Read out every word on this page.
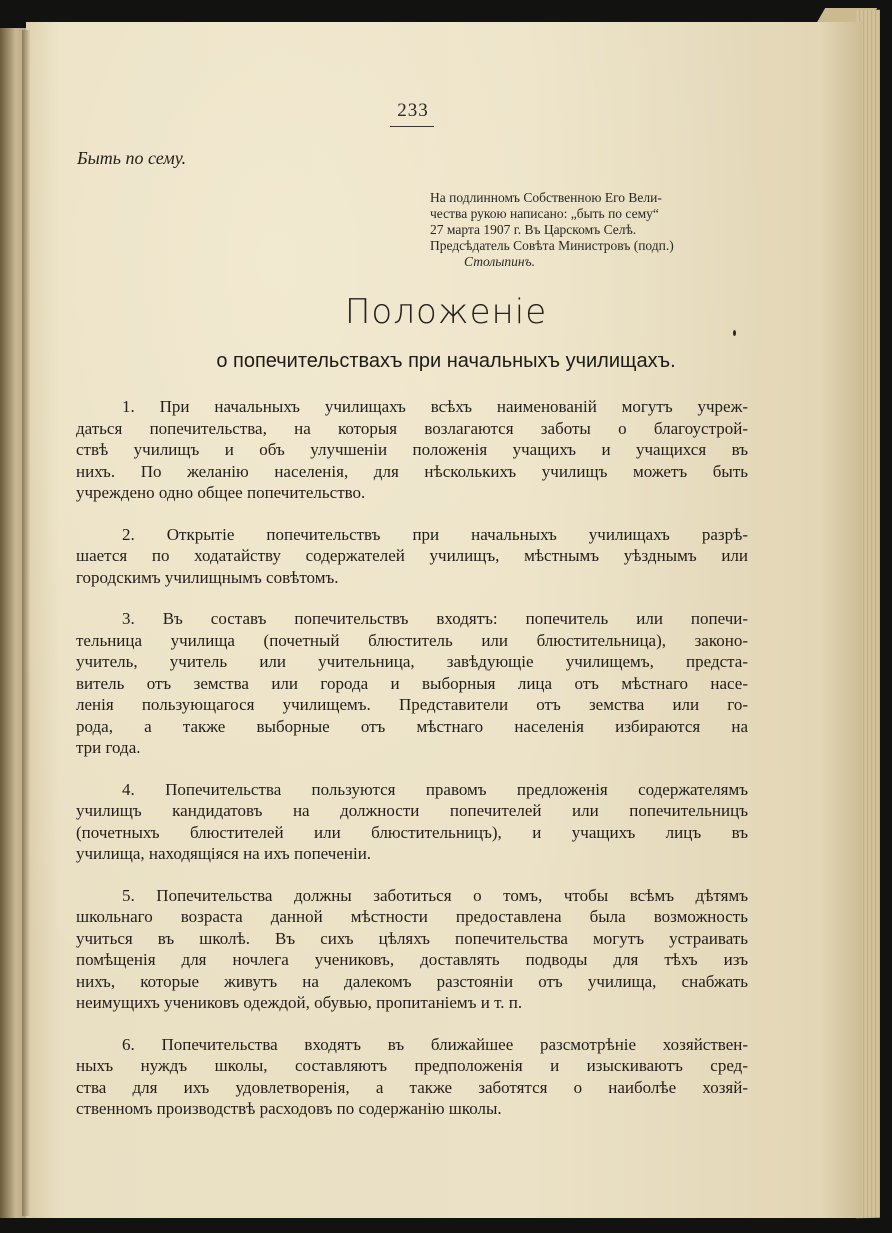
233
Быть по сему.
На подлинномъ Собственною Его Вели-
чества рукою написано: „быть по сему“
27 марта 1907 г. Въ Царскомъ Селѣ.
Предсѣдатель Совѣта Министровъ (подп.)
Столыпинъ.
Положеніе
о попечительствахъ при начальныхъ училищахъ.
1. При начальныхъ училищахъ всѣхъ наименованій могутъ учреж-
даться попечительства, на которыя возлагаются заботы о благоустрой-
ствѣ училищъ и объ улучшеніи положенія учащихъ и учащихся въ
нихъ. По желанію населенія, для нѣсколькихъ училищъ можетъ быть
учреждено одно общее попечительство.
2. Открытіе попечительствъ при начальныхъ училищахъ разрѣ-
шается по ходатайству содержателей училищъ, мѣстнымъ уѣзднымъ или
городскимъ училищнымъ совѣтомъ.
3. Въ составъ попечительствъ входятъ: попечитель или попечи-
тельница училища (почетный блюститель или блюстительница), законо-
учитель, учитель или учительница, завѣдующіе училищемъ, предста-
витель отъ земства или города и выборныя лица отъ мѣстнаго насе-
ленія пользующагося училищемъ. Представители отъ земства или го-
рода, а также выборные отъ мѣстнаго населенія избираются на
три года.
4. Попечительства пользуются правомъ предложенія содержателямъ
училищъ кандидатовъ на должности попечителей или попечительницъ
(почетныхъ блюстителей или блюстительницъ), и учащихъ лицъ въ
училища, находящіяся на ихъ попеченіи.
5. Попечительства должны заботиться о томъ, чтобы всѣмъ дѣтямъ
школьнаго возраста данной мѣстности предоставлена была возможность
учиться въ школѣ. Въ сихъ цѣляхъ попечительства могутъ устраивать
помѣщенія для ночлега учениковъ, доставлять подводы для тѣхъ изъ
нихъ, которые живутъ на далекомъ разстояніи отъ училища, снабжать
неимущихъ учениковъ одеждой, обувью, пропитаніемъ и т. п.
6. Попечительства входятъ въ ближайшее разсмотрѣніе хозяйствен-
ныхъ нуждъ школы, составляютъ предположенія и изыскиваютъ сред-
ства для ихъ удовлетворенія, а также заботятся о наиболѣе хозяй-
ственномъ производствѣ расходовъ по содержанію школы.
